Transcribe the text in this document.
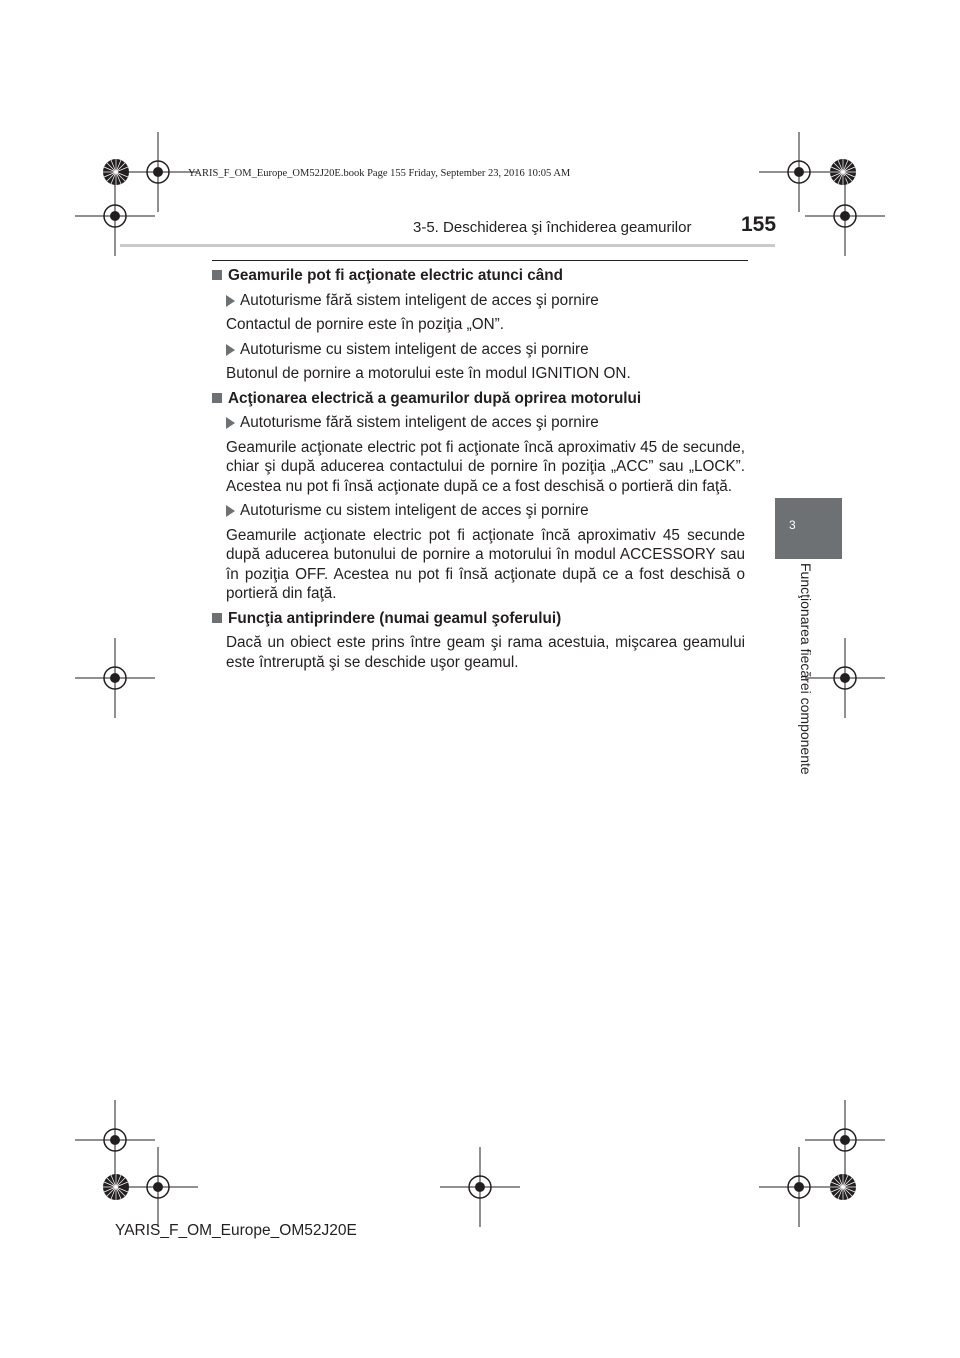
YARIS_F_OM_Europe_OM52J20E.book Page 155 Friday, September 23, 2016 10:05 AM
3-5. Deschiderea şi închiderea geamurilor 155
3
Funcţionarea fiecărei componente
Geamurile pot fi acţionate electric atunci când
Autoturisme fără sistem inteligent de acces şi pornire
Contactul de pornire este în poziţia „ON”.
Autoturisme cu sistem inteligent de acces şi pornire
Butonul de pornire a motorului este în modul IGNITION ON.
Acţionarea electrică a geamurilor după oprirea motorului
Autoturisme fără sistem inteligent de acces şi pornire
Geamurile acţionate electric pot fi acţionate încă aproximativ 45 de secunde, chiar şi după aducerea contactului de pornire în poziţia „ACC” sau „LOCK”. Acestea nu pot fi însă acţionate după ce a fost deschisă o portieră din faţă.
Autoturisme cu sistem inteligent de acces şi pornire
Geamurile acţionate electric pot fi acţionate încă aproximativ 45 secunde după aducerea butonului de pornire a motorului în modul ACCESSORY sau în poziţia OFF. Acestea nu pot fi însă acţionate după ce a fost deschisă o portieră din faţă.
Funcţia antiprindere (numai geamul şoferului)
Dacă un obiect este prins între geam şi rama acestuia, mişcarea geamului este întreruptă şi se deschide uşor geamul.
YARIS_F_OM_Europe_OM52J20E
